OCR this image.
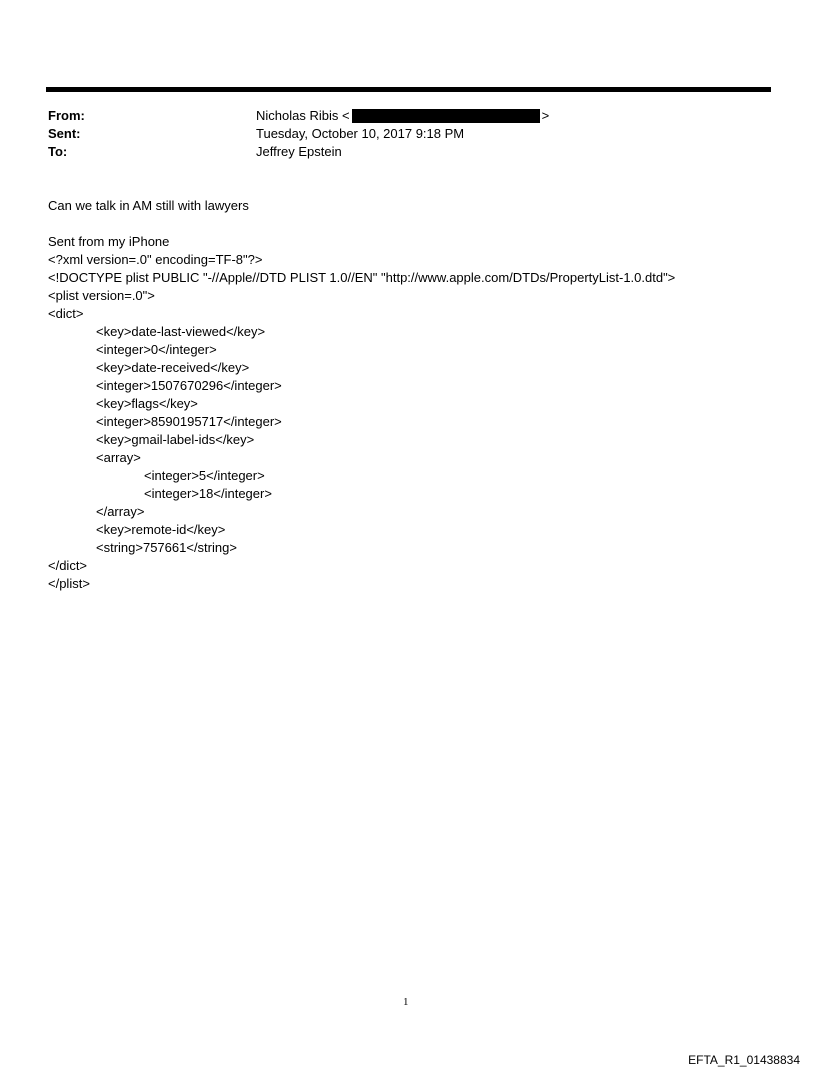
From:	Nicholas Ribis <	>
Sent:	Tuesday, October 10, 2017 9:18 PM
To:	Jeffrey Epstein
Can we talk in AM still with lawyers
Sent from my iPhone
<?xml version=.0" encoding=TF-8"?>
<!DOCTYPE plist PUBLIC "-//Apple//DTD PLIST 1.0//EN" "http://www.apple.com/DTDs/PropertyList-1.0.dtd">
<plist version=.0">
<dict>
<key>date-last-viewed</key>
<integer>0</integer>
<key>date-received</key>
<integer>1507670296</integer>
<key>flags</key>
<integer>8590195717</integer>
<key>gmail-label-ids</key>
<array>
<integer>5</integer>
<integer>18</integer>
</array>
<key>remote-id</key>
<string>757661</string>
</dict>
</plist>
1
EFTA_R1_01438834
